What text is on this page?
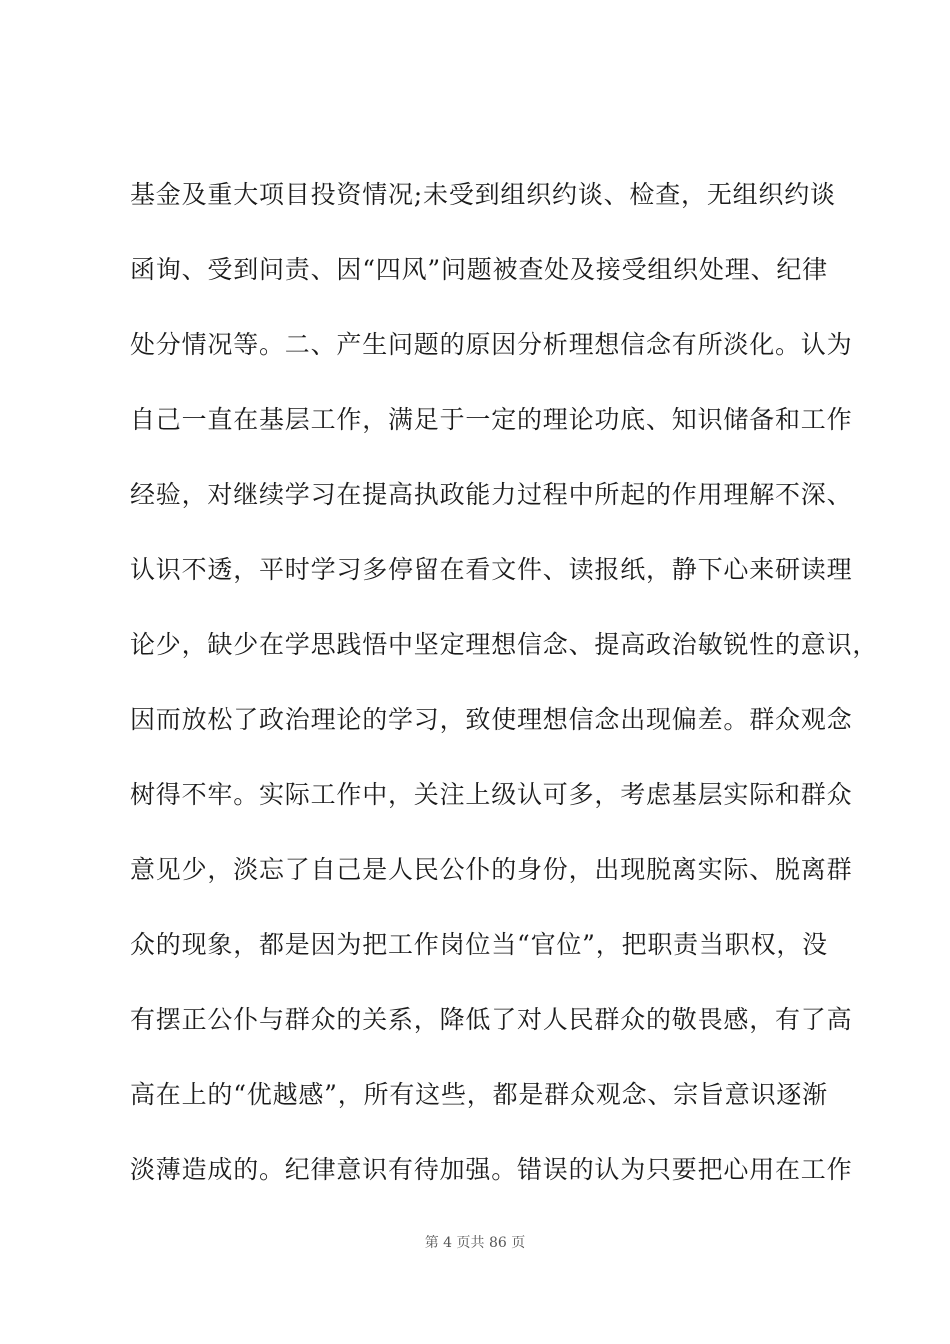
基金及重大项目投资情况;未受到组织约谈、检查，无组织约谈
函询、受到问责、因“四风”问题被查处及接受组织处理、纪律
处分情况等。二、产生问题的原因分析理想信念有所淡化。认为
自己一直在基层工作，满足于一定的理论功底、知识储备和工作
经验，对继续学习在提高执政能力过程中所起的作用理解不深、
认识不透，平时学习多停留在看文件、读报纸，静下心来研读理
论少，缺少在学思践悟中坚定理想信念、提高政治敏锐性的意识，
因而放松了政治理论的学习，致使理想信念出现偏差。群众观念
树得不牢。实际工作中，关注上级认可多，考虑基层实际和群众
意见少，淡忘了自己是人民公仆的身份，出现脱离实际、脱离群
众的现象，都是因为把工作岗位当“官位”，把职责当职权，没
有摆正公仆与群众的关系，降低了对人民群众的敬畏感，有了高
高在上的“优越感”，所有这些，都是群众观念、宗旨意识逐渐
淡薄造成的。纪律意识有待加强。错误的认为只要把心用在工作
第 4 页共 86 页
